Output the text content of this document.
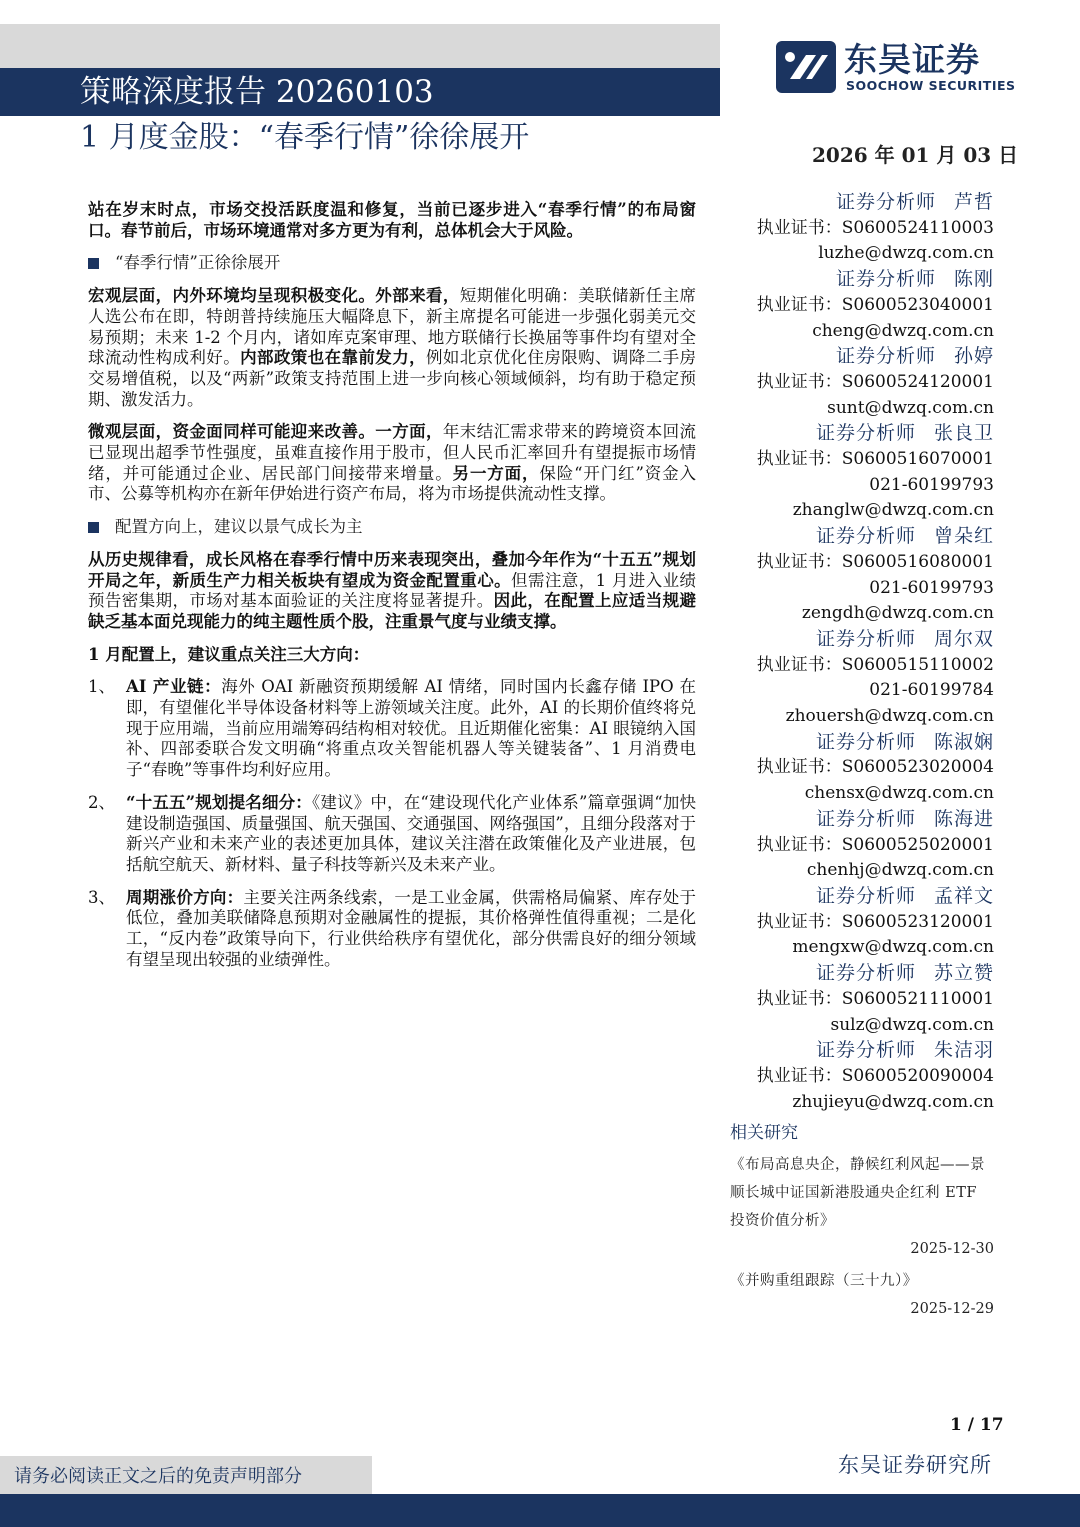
策略深度报告 20260103
东吴证券
SOOCHOW SECURITIES
1 月度金股：“春季行情”徐徐展开	2026 年 01 月 03 日

站在岁末时点，市场交投活跃度温和修复，当前已逐步进入“春季行情”的布局窗口。春节前后，市场环境通常对多方更为有利，总体机会大于风险。

“春季行情”正徐徐展开

宏观层面，内外环境均呈现积极变化。外部来看，短期催化明确：美联储新任主席人选公布在即，特朗普持续施压大幅降息下，新主席提名可能进一步强化弱美元交易预期；未来 1-2 个月内，诸如库克案审理、地方联储行长换届等事件均有望对全球流动性构成利好。内部政策也在靠前发力，例如北京优化住房限购、调降二手房交易增值税，以及“两新”政策支持范围上进一步向核心领域倾斜，均有助于稳定预期、激发活力。

微观层面，资金面同样可能迎来改善。一方面，年末结汇需求带来的跨境资本回流已显现出超季节性强度，虽难直接作用于股市，但人民币汇率回升有望提振市场情绪，并可能通过企业、居民部门间接带来增量。另一方面，保险“开门红”资金入市、公募等机构亦在新年伊始进行资产布局，将为市场提供流动性支撑。

配置方向上，建议以景气成长为主

从历史规律看，成长风格在春季行情中历来表现突出，叠加今年作为“十五五”规划开局之年，新质生产力相关板块有望成为资金配置重心。但需注意，1 月进入业绩预告密集期，市场对基本面验证的关注度将显著提升。因此，在配置上应适当规避缺乏基本面兑现能力的纯主题性质个股，注重景气度与业绩支撑。

1 月配置上，建议重点关注三大方向：

1、 AI 产业链：海外 OAI 新融资预期缓解 AI 情绪，同时国内长鑫存储 IPO 在即，有望催化半导体设备材料等上游领域关注度。此外，AI 的长期价值终将兑现于应用端，当前应用端筹码结构相对较优。且近期催化密集：AI 眼镜纳入国补、四部委联合发文明确“将重点攻关智能机器人等关键装备”、1 月消费电子“春晚”等事件均利好应用。
2、 “十五五”规划提名细分：《建议》中，在“建设现代化产业体系”篇章强调“加快建设制造强国、质量强国、航天强国、交通强国、网络强国”，且细分段落对于新兴产业和未来产业的表述更加具体，建议关注潜在政策催化及产业进展，包括航空航天、新材料、量子科技等新兴及未来产业。
3、 周期涨价方向：主要关注两条线索，一是工业金属，供需格局偏紧、库存处于低位，叠加美联储降息预期对金融属性的提振，其价格弹性值得重视；二是化工，“反内卷”政策导向下，行业供给秩序有望优化，部分供需良好的细分领域有望呈现出较强的业绩弹性。
证券分析师 芦哲
执业证书：S0600524110003
luzhe@dwzq.com.cn
证券分析师 陈刚
执业证书：S0600523040001
cheng@dwzq.com.cn
证券分析师 孙婷
执业证书：S0600524120001
sunt@dwzq.com.cn
证券分析师 张良卫
执业证书：S0600516070001
021-60199793
zhanglw@dwzq.com.cn
证券分析师 曾朵红
执业证书：S0600516080001
021-60199793
zengdh@dwzq.com.cn
证券分析师 周尔双
执业证书：S0600515110002
021-60199784
zhouersh@dwzq.com.cn
证券分析师 陈淑娴
执业证书：S0600523020004
chensx@dwzq.com.cn
证券分析师 陈海进
执业证书：S0600525020001
chenhj@dwzq.com.cn
证券分析师 孟祥文
执业证书：S0600523120001
mengxw@dwzq.com.cn
证券分析师 苏立赞
执业证书：S0600521110001
sulz@dwzq.com.cn
证券分析师 朱洁羽
执业证书：S0600520090004
zhujieyu@dwzq.com.cn
相关研究
《布局高息央企，静候红利风起——景顺长城中证国新港股通央企红利 ETF 投资价值分析》
2025-12-30
《并购重组跟踪（三十九）》
2025-12-29
1 / 17
请务必阅读正文之后的免责声明部分	东吴证券研究所
